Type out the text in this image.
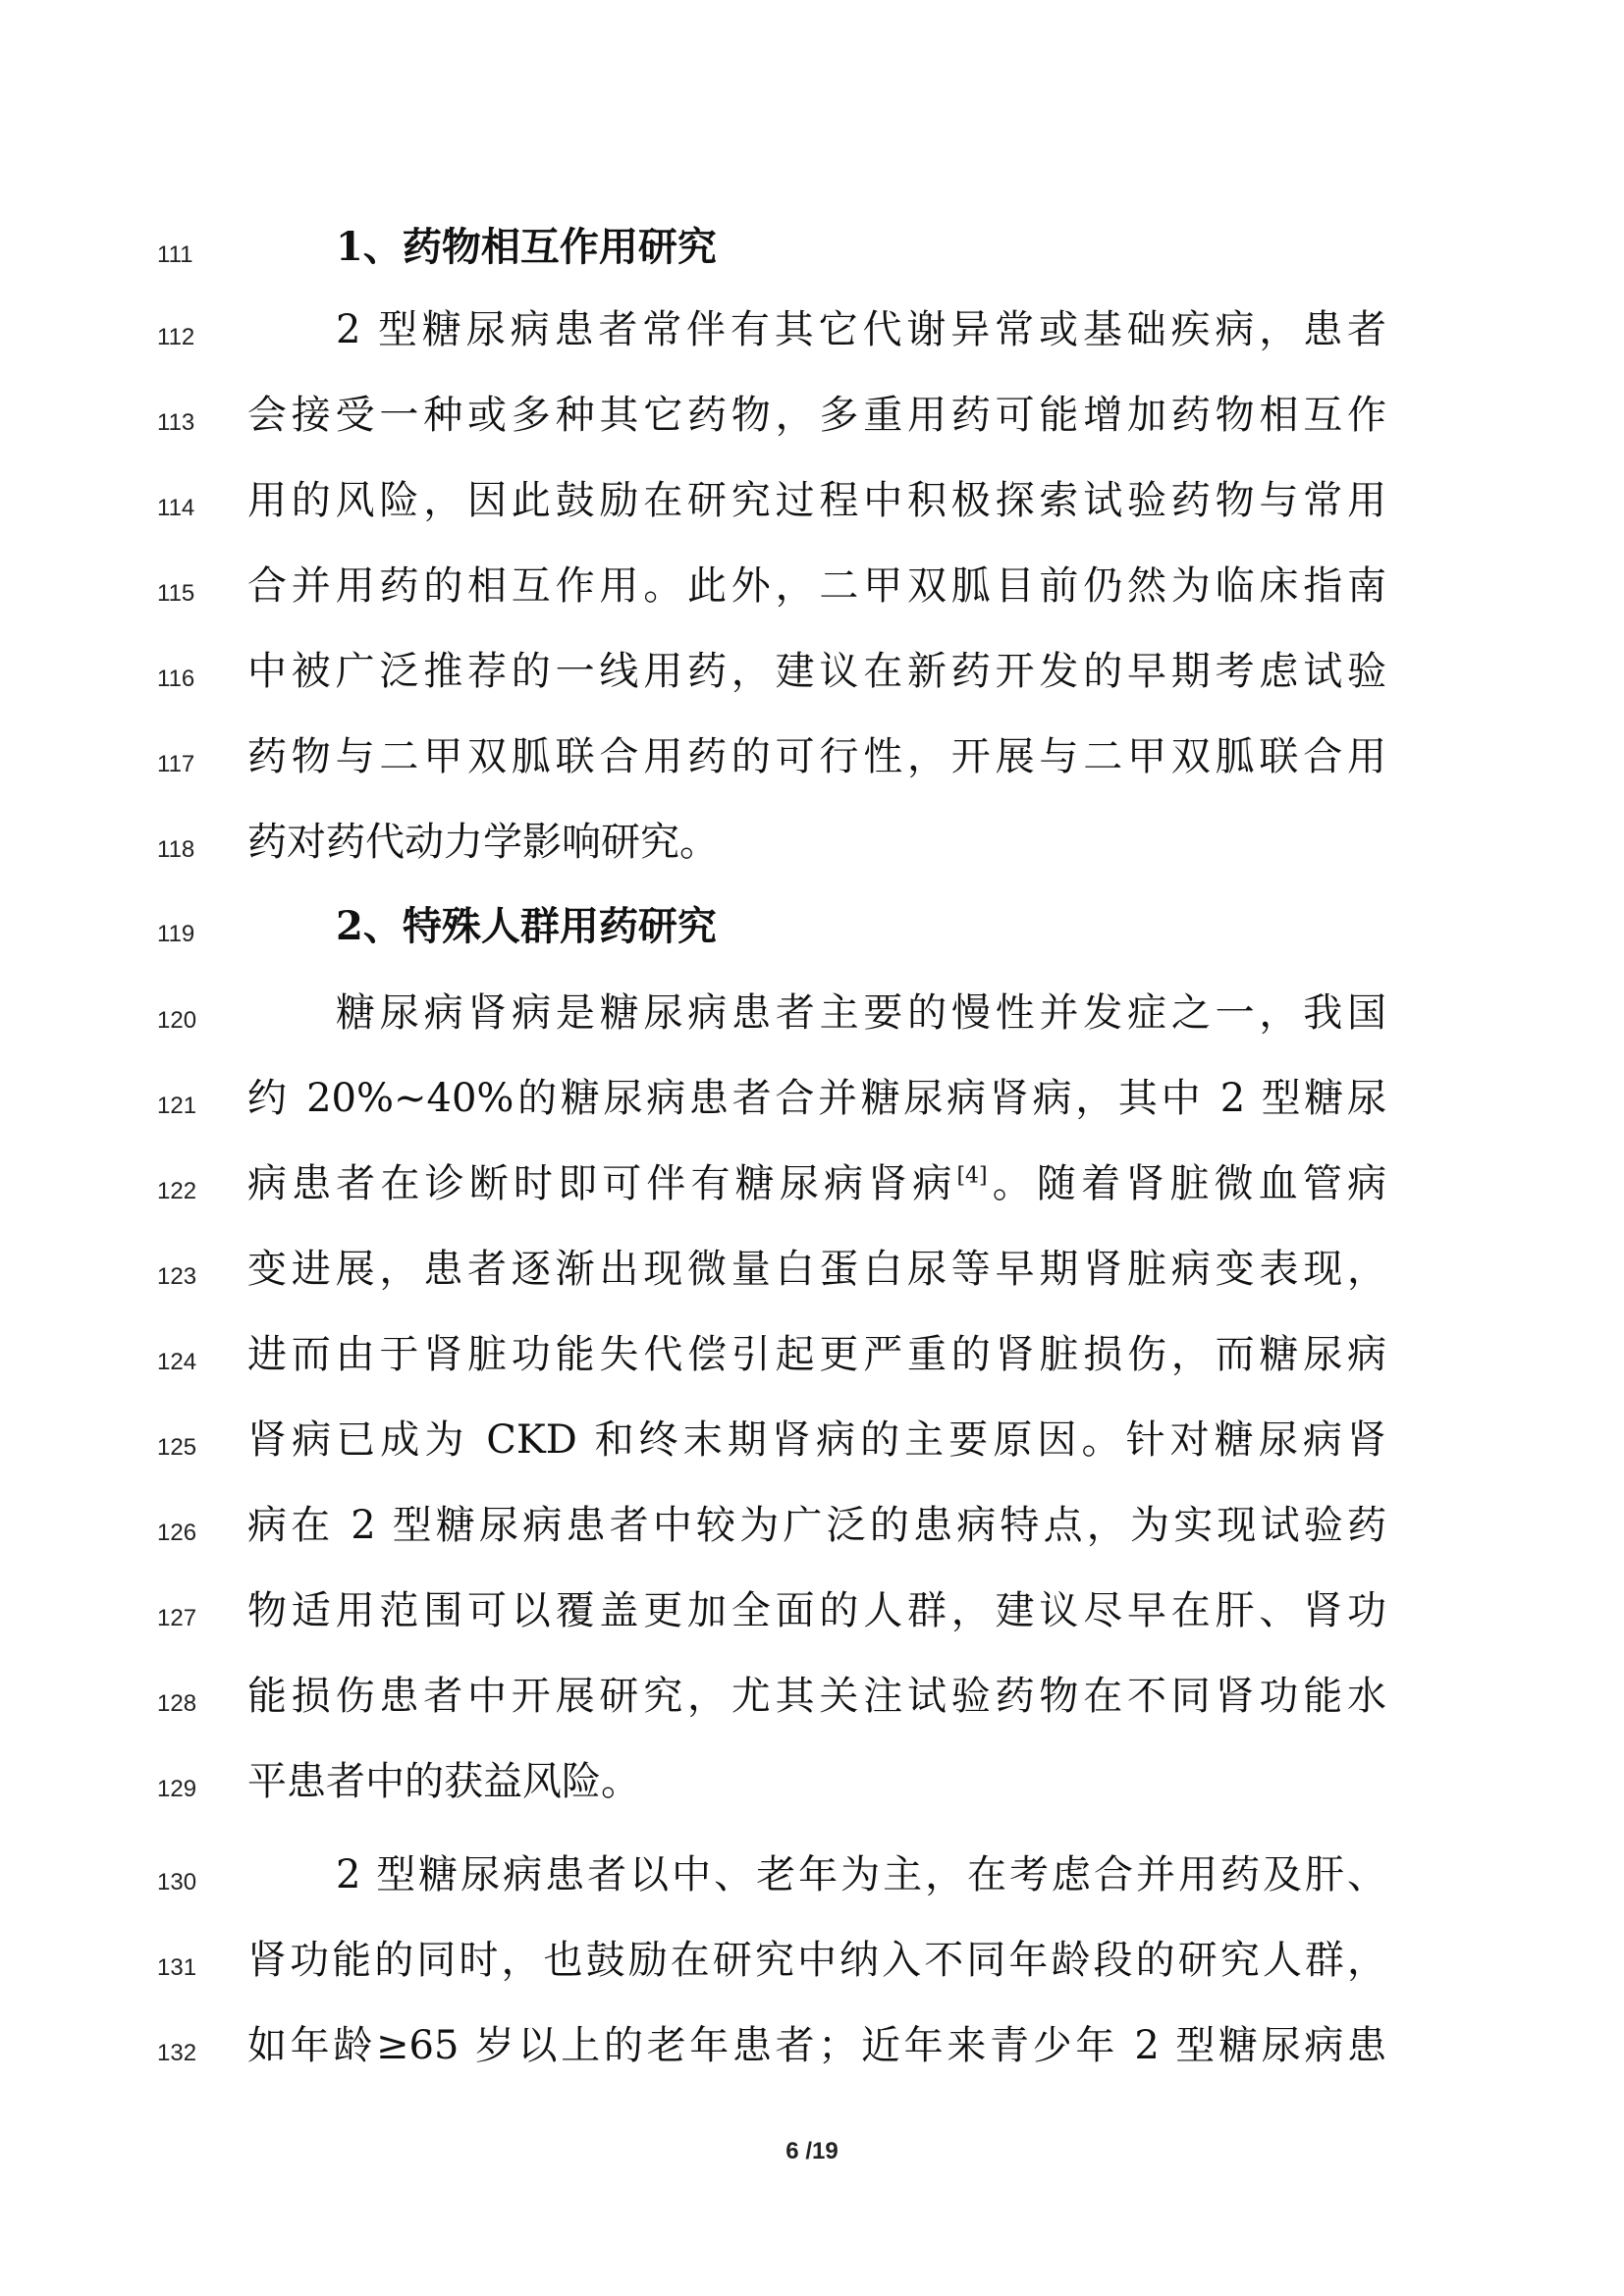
111	1、药物相互作用研究
112	2 型糖尿病患者常伴有其它代谢异常或基础疾病，患者
113	会接受一种或多种其它药物，多重用药可能增加药物相互作
114	用的风险，因此鼓励在研究过程中积极探索试验药物与常用
115	合并用药的相互作用。此外，二甲双胍目前仍然为临床指南
116	中被广泛推荐的一线用药，建议在新药开发的早期考虑试验
117	药物与二甲双胍联合用药的可行性，开展与二甲双胍联合用
118	药对药代动力学影响研究。
119	2、特殊人群用药研究
120	糖尿病肾病是糖尿病患者主要的慢性并发症之一，我国
121	约 20%~40%的糖尿病患者合并糖尿病肾病，其中 2 型糖尿
122	病患者在诊断时即可伴有糖尿病肾病[4]。随着肾脏微血管病
123	变进展，患者逐渐出现微量白蛋白尿等早期肾脏病变表现，
124	进而由于肾脏功能失代偿引起更严重的肾脏损伤，而糖尿病
125	肾病已成为 CKD 和终末期肾病的主要原因。针对糖尿病肾
126	病在 2 型糖尿病患者中较为广泛的患病特点，为实现试验药
127	物适用范围可以覆盖更加全面的人群，建议尽早在肝、肾功
128	能损伤患者中开展研究，尤其关注试验药物在不同肾功能水
129	平患者中的获益风险。
130	2 型糖尿病患者以中、老年为主，在考虑合并用药及肝、
131	肾功能的同时，也鼓励在研究中纳入不同年龄段的研究人群，
132	如年龄≥65 岁以上的老年患者；近年来青少年 2 型糖尿病患
6 /19
